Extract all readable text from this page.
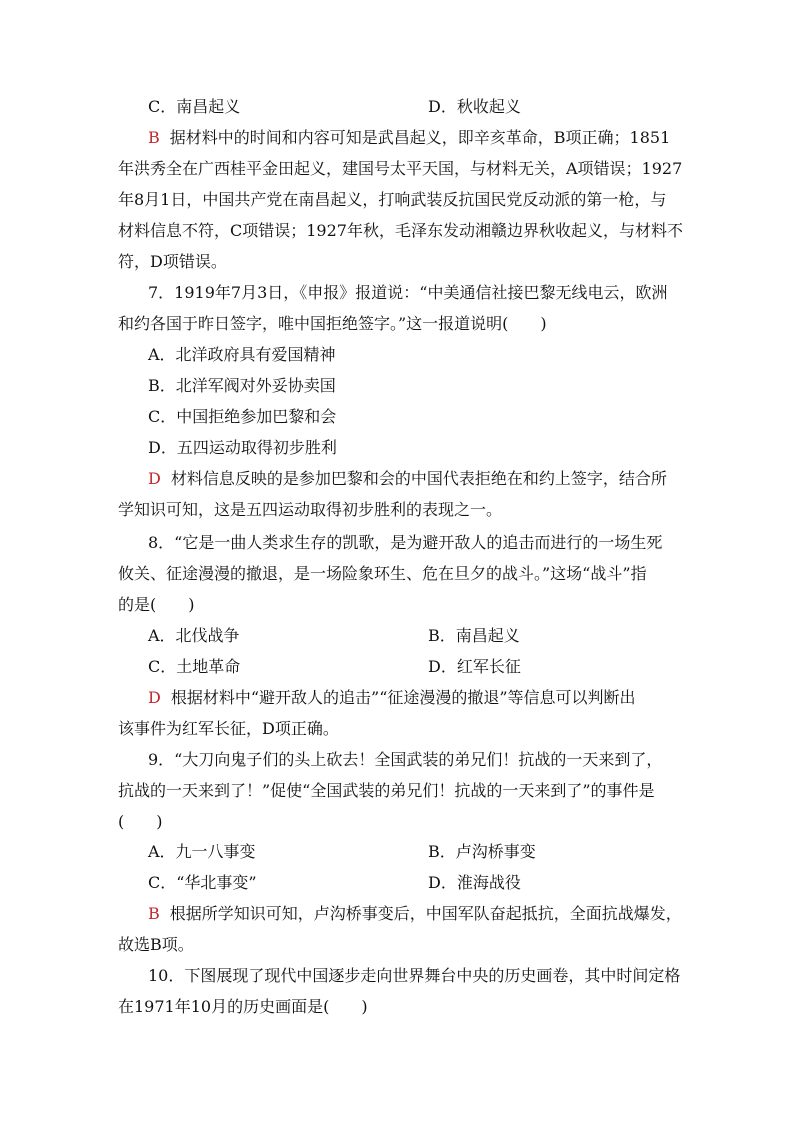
C．南昌起义	D．秋收起义
B 据材料中的时间和内容可知是武昌起义，即辛亥革命，B项正确；1851
年洪秀全在广西桂平金田起义，建国号太平天国，与材料无关，A项错误；1927
年8月1日，中国共产党在南昌起义，打响武装反抗国民党反动派的第一枪，与
材料信息不符，C项错误；1927年秋，毛泽东发动湘赣边界秋收起义，与材料不
符，D项错误。
7．1919年7月3日，《申报》报道说：“中美通信社接巴黎无线电云，欧洲
和约各国于昨日签字，唯中国拒绝签字。”这一报道说明(　　)
A．北洋政府具有爱国精神
B．北洋军阀对外妥协卖国
C．中国拒绝参加巴黎和会
D．五四运动取得初步胜利
D 材料信息反映的是参加巴黎和会的中国代表拒绝在和约上签字，结合所
学知识可知，这是五四运动取得初步胜利的表现之一。
8．“它是一曲人类求生存的凯歌，是为避开敌人的追击而进行的一场生死
攸关、征途漫漫的撤退，是一场险象环生、危在旦夕的战斗。”这场“战斗”指
的是(　　)
A．北伐战争	B．南昌起义
C．土地革命	D．红军长征
D 根据材料中“避开敌人的追击”“征途漫漫的撤退”等信息可以判断出
该事件为红军长征，D项正确。
9．“大刀向鬼子们的头上砍去！全国武装的弟兄们！抗战的一天来到了，
抗战的一天来到了！”促使“全国武装的弟兄们！抗战的一天来到了”的事件是
(　　)
A．九一八事变	B．卢沟桥事变
C．“华北事变”	D．淮海战役
B 根据所学知识可知，卢沟桥事变后，中国军队奋起抵抗，全面抗战爆发，
故选B项。
10．下图展现了现代中国逐步走向世界舞台中央的历史画卷，其中时间定格
在1971年10月的历史画面是(　　)
